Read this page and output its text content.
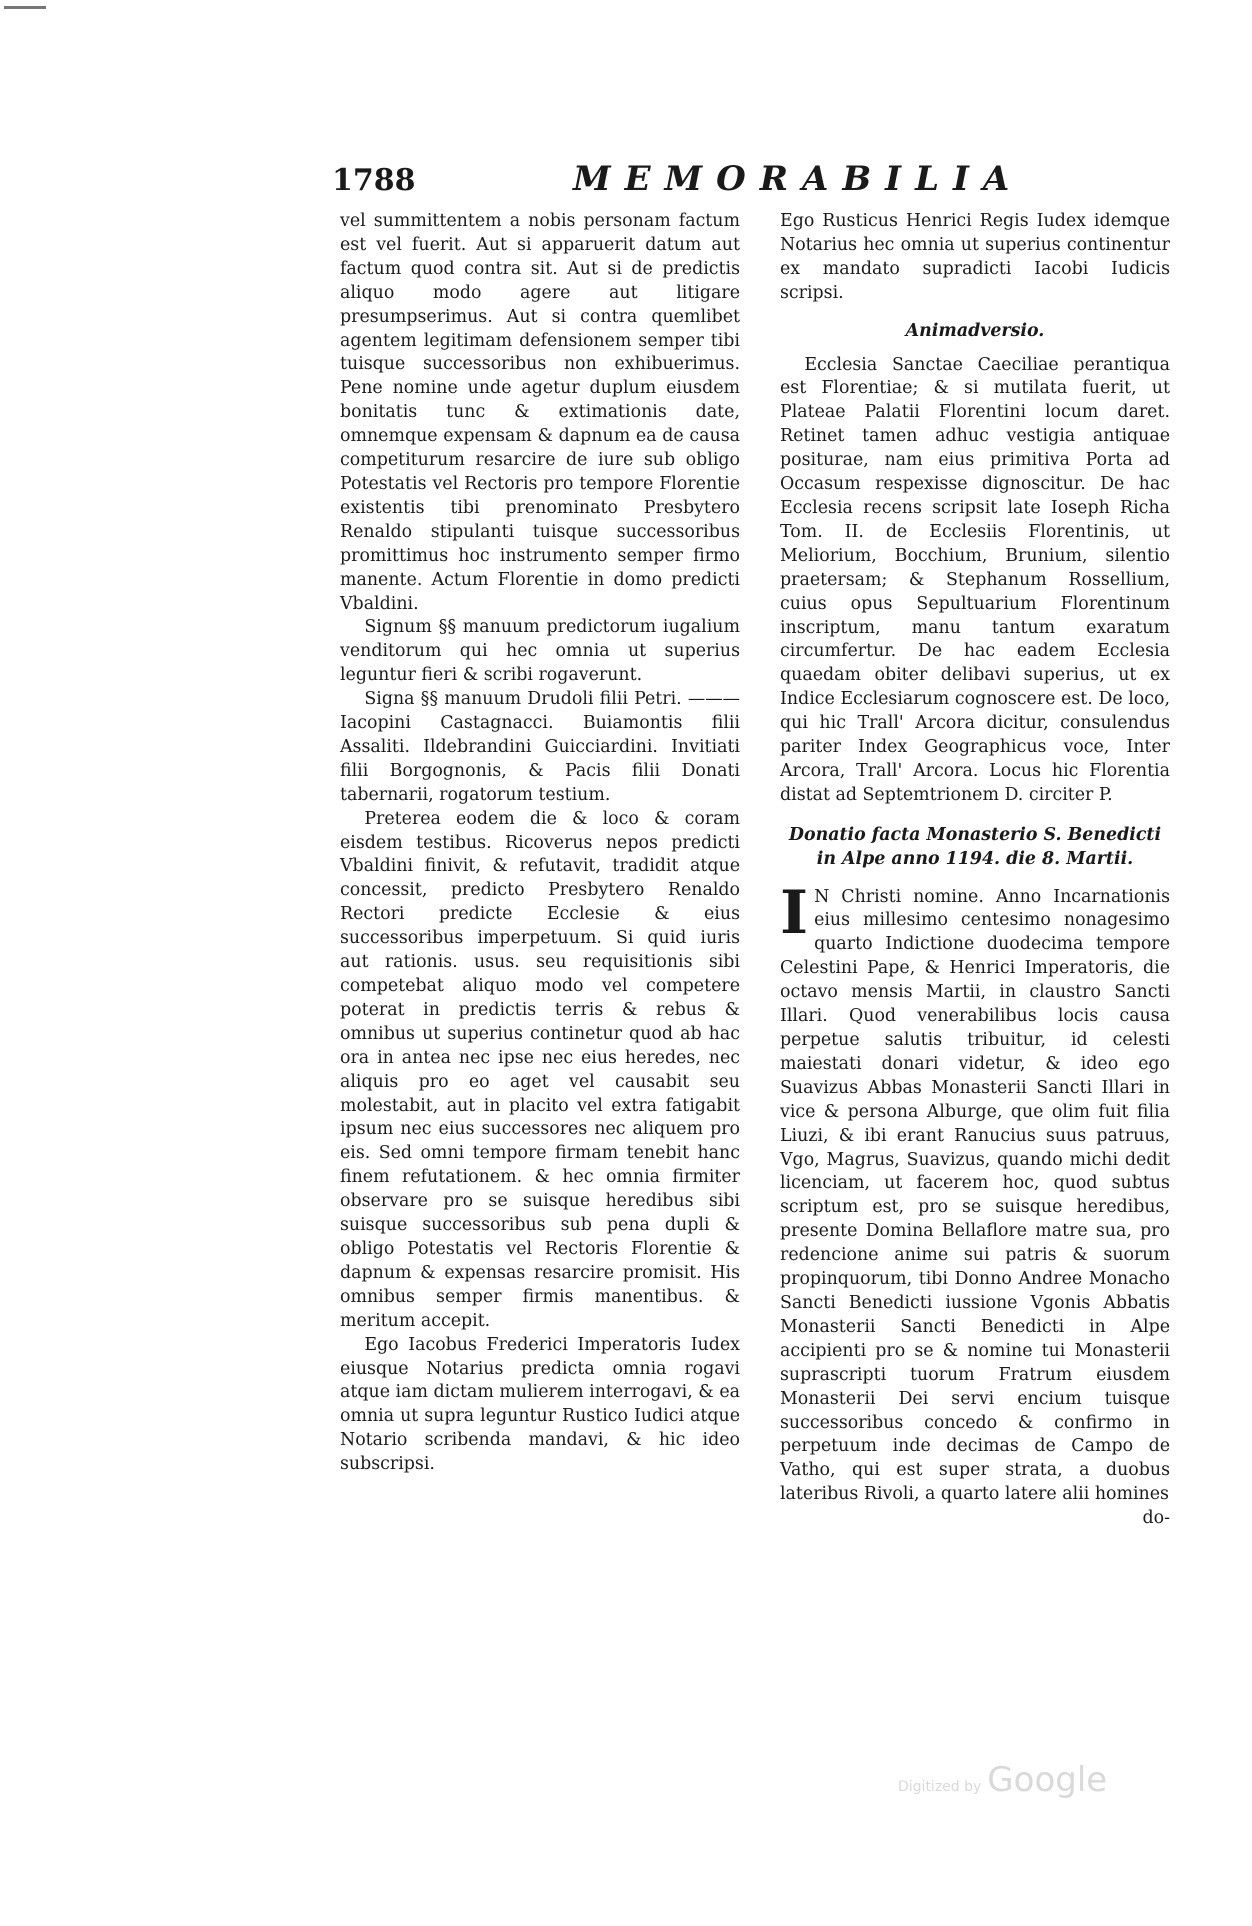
1788	MEMORABILIA

vel summittentem a nobis personam factum est vel fuerit. Aut si apparuerit datum aut factum quod contra sit. Aut si de predictis aliquo modo agere aut litigare presumpserimus. Aut si contra quemlibet agentem legitimam defensionem semper tibi tuisque successoribus non exhibuerimus. Pene nomine unde agetur duplum eiusdem bonitatis tunc & extimationis date, omnemque expensam & dapnum ea de causa competiturum resarcire de iure sub obligo Potestatis vel Rectoris pro tempore Florentie existentis tibi prenominato Presbytero Renaldo stipulanti tuisque successoribus promittimus hoc instrumento semper firmo manente. Actum Florentie in domo predicti Vbaldini.

Signum §§ manuum predictorum iugalium venditorum qui hec omnia ut superius leguntur fieri & scribi rogaverunt.

Signa §§ manuum Drudoli filii Petri. ——— Iacopini Castagnacci. Buiamontis filii Assaliti. Ildebrandini Guicciardini. Invitiati filii Borgognonis, & Pacis filii Donati tabernarii, rogatorum testium.

Preterea eodem die & loco & coram eisdem testibus. Ricoverus nepos predicti Vbaldini finivit, & refutavit, tradidit atque concessit, predicto Presbytero Renaldo Rectori predicte Ecclesie & eius successoribus imperpetuum. Si quid iuris aut rationis. usus. seu requisitionis sibi competebat aliquo modo vel competere poterat in predictis terris & rebus & omnibus ut superius continetur quod ab hac ora in antea nec ipse nec eius heredes, nec aliquis pro eo aget vel causabit seu molestabit, aut in placito vel extra fatigabit ipsum nec eius successores nec aliquem pro eis. Sed omni tempore firmam tenebit hanc finem refutationem. & hec omnia firmiter observare pro se suisque heredibus sibi suisque successoribus sub pena dupli & obligo Potestatis vel Rectoris Florentie & dapnum & expensas resarcire promisit. His omnibus semper firmis manentibus. & meritum accepit.

Ego Iacobus Frederici Imperatoris Iudex eiusque Notarius predicta omnia rogavi atque iam dictam mulierem interrogavi, & ea omnia ut supra leguntur Rustico Iudici atque Notario scribenda mandavi, & hic ideo subscripsi.

Ego Rusticus Henrici Regis Iudex idemque Notarius hec omnia ut superius continentur ex mandato supradicti Iacobi Iudicis scripsi.

Animadversio.

Ecclesia Sanctae Caeciliae perantiqua est Florentiae; & si mutilata fuerit, ut Plateae Palatii Florentini locum daret. Retinet tamen adhuc vestigia antiquae positurae, nam eius primitiva Porta ad Occasum respexisse dignoscitur. De hac Ecclesia recens scripsit late Ioseph Richa Tom. II. de Ecclesiis Florentinis, ut Meliorium, Bocchium, Brunium, silentio praetersam; & Stephanum Rossellium, cuius opus Sepultuarium Florentinum inscriptum, manu tantum exaratum circumfertur. De hac eadem Ecclesia quaedam obiter delibavi superius, ut ex Indice Ecclesiarum cognoscere est. De loco, qui hic Trall' Arcora dicitur, consulendus pariter Index Geographicus voce, Inter Arcora, Trall' Arcora. Locus hic Florentia distat ad Septemtrionem D. circiter P.

Donatio facta Monasterio S. Benedicti in Alpe anno 1194. die 8. Martii.

I N Christi nomine. Anno Incarnationis eius millesimo centesimo nonagesimo quarto Indictione duodecima tempore Celestini Pape, & Henrici Imperatoris, die octavo mensis Martii, in claustro Sancti Illari. Quod venerabilibus locis causa perpetue salutis tribuitur, id celesti maiestati donari videtur, & ideo ego Suavizus Abbas Monasterii Sancti Illari in vice & persona Alburge, que olim fuit filia Liuzi, & ibi erant Ranucius suus patruus, Vgo, Magrus, Suavizus, quando michi dedit licenciam, ut facerem hoc, quod subtus scriptum est, pro se suisque heredibus, presente Domina Bellaflore matre sua, pro redencione anime sui patris & suorum propinquorum, tibi Donno Andree Monacho Sancti Benedicti iussione Vgonis Abbatis Monasterii Sancti Benedicti in Alpe accipienti pro se & nomine tui Monasterii suprascripti tuorum Fratrum eiusdem Monasterii Dei servi encium tuisque successoribus concedo & confirmo in perpetuum inde decimas de Campo de Vatho, qui est super strata, a duobus lateribus Rivoli, a quarto latere alii homines

do-

Digitized by Google
